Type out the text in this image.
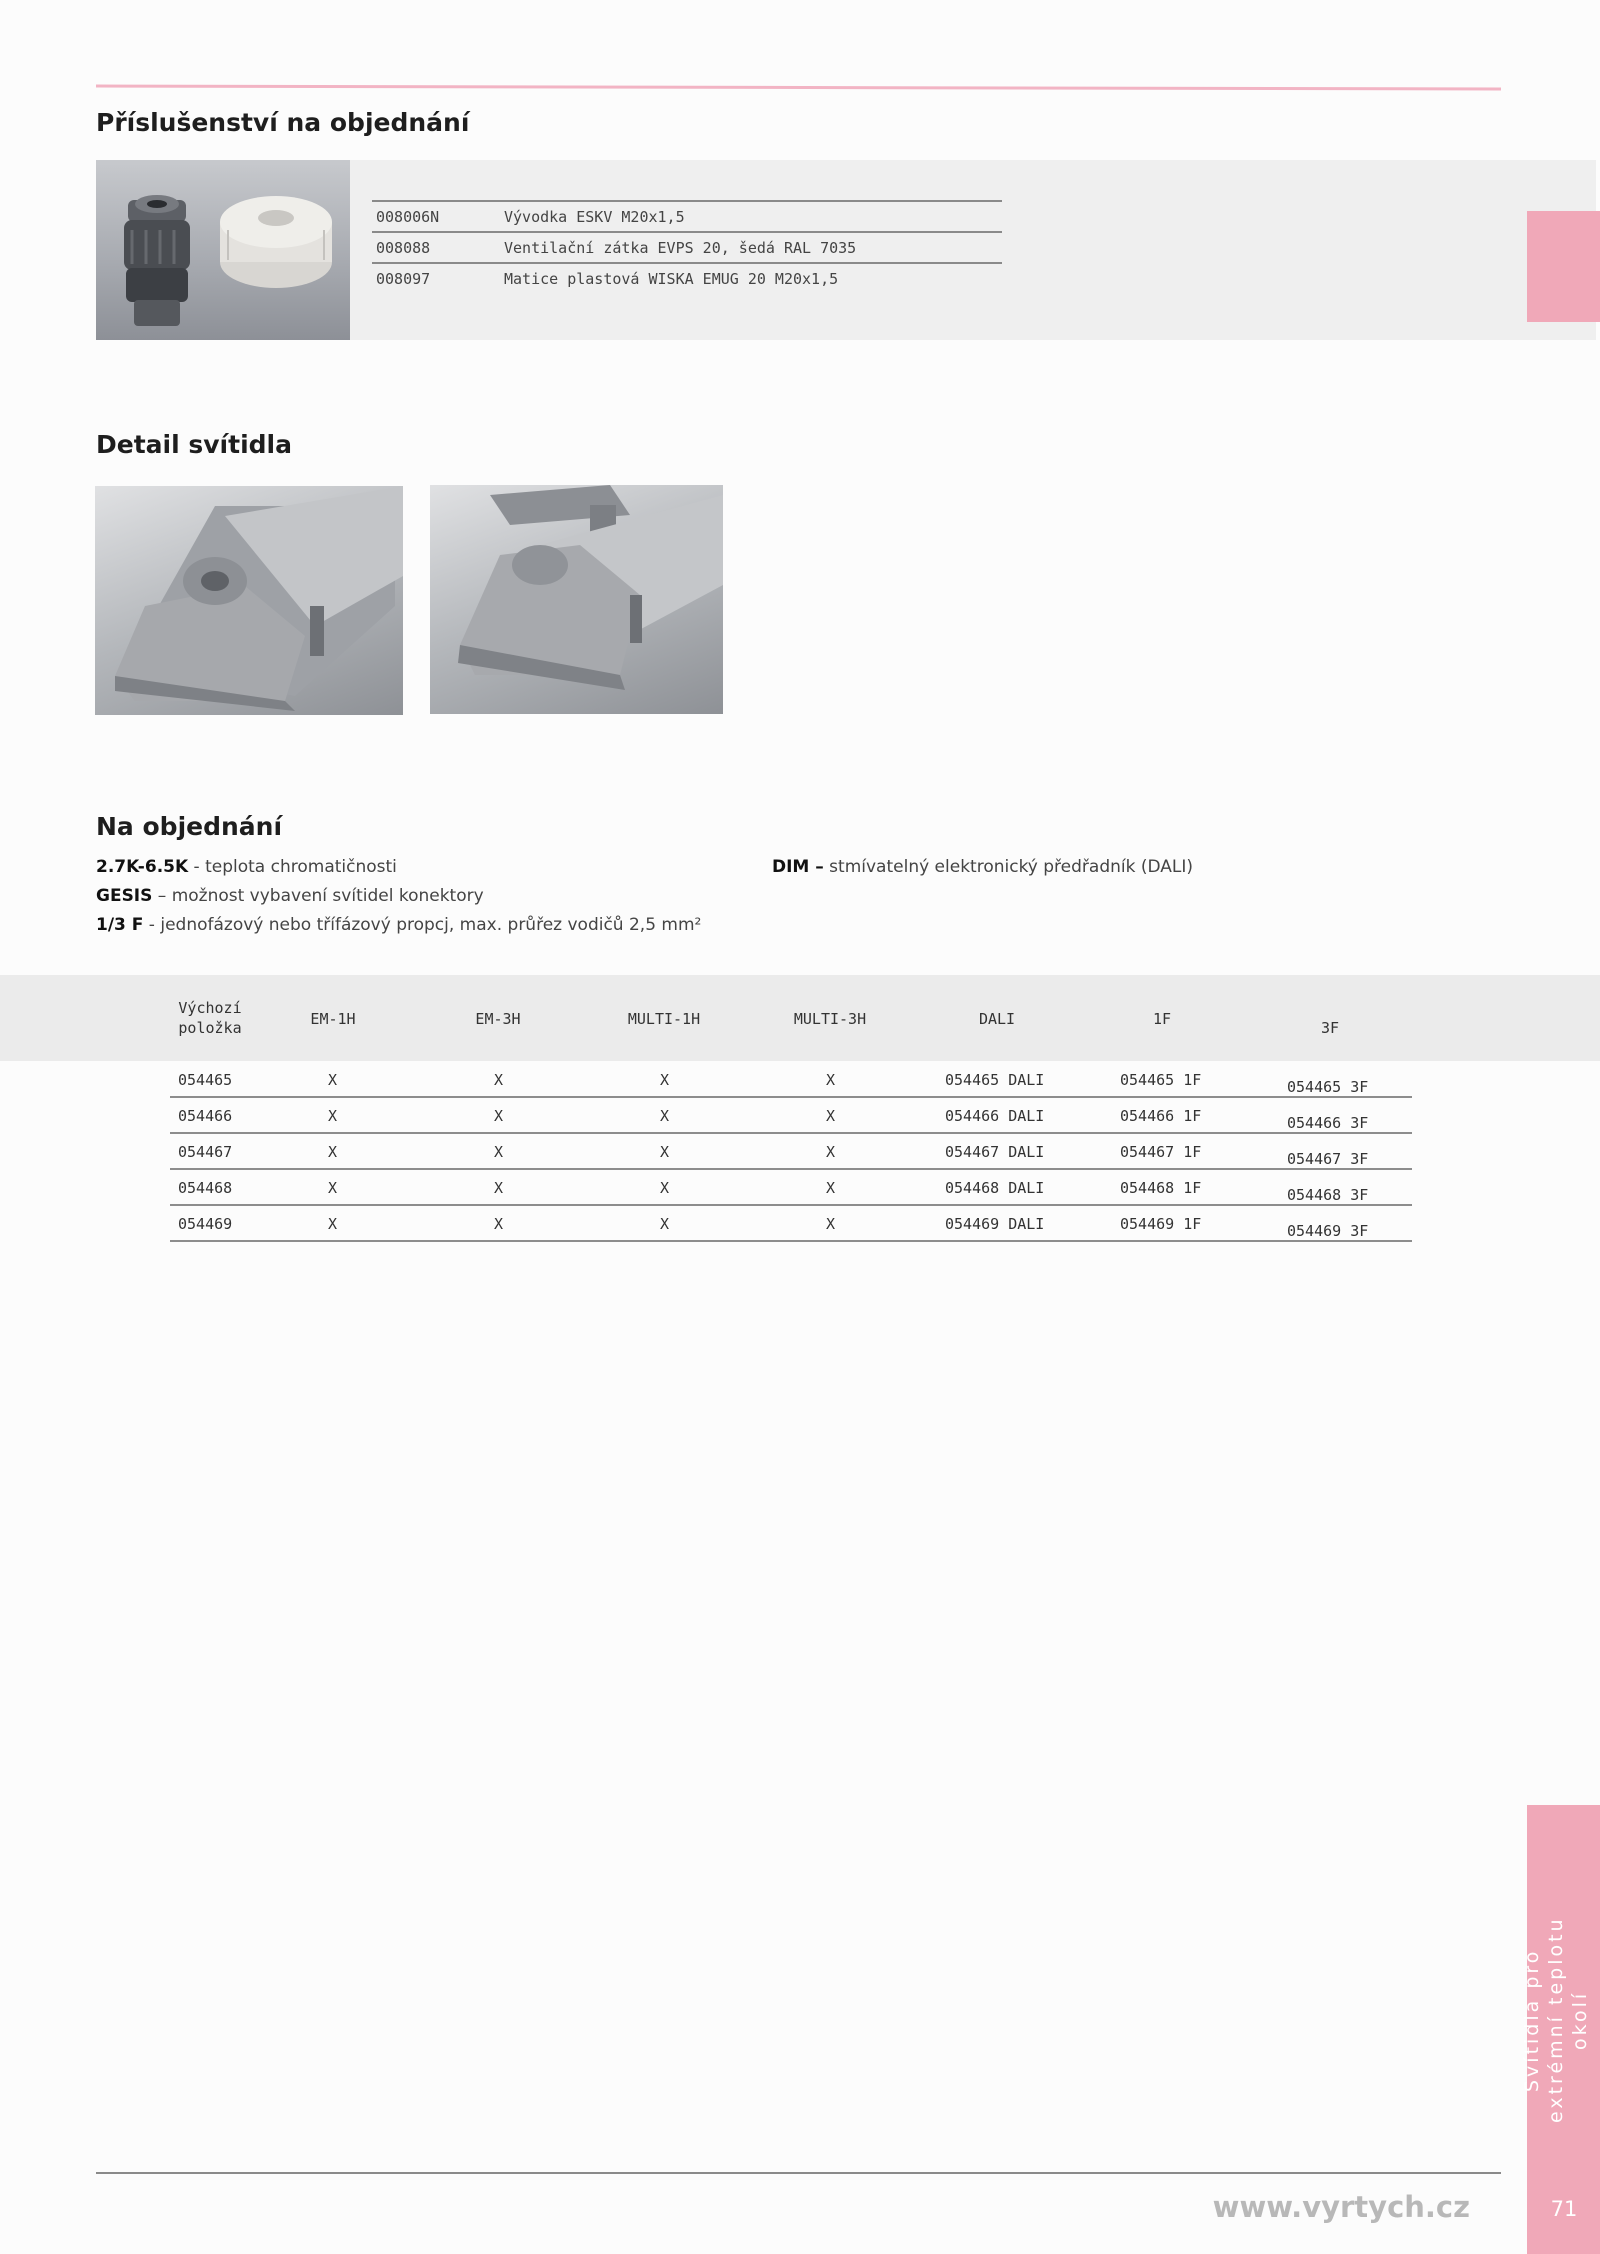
Příslušenství na objednání
008006N	Vývodka ESKV M20x1,5
008088	Ventilační zátka EVPS 20, šedá RAL 7035
008097	Matice plastová WISKA EMUG 20 M20x1,5
Detail svítidla
Na objednání
2.7K-6.5K - teplota chromatičnosti
GESIS – možnost vybavení svítidel konektory
1/3 F - jednofázový nebo třífázový propcj, max. průřez vodičů 2,5 mm²
DIM – stmívatelný elektronický předřadník (DALI)
Výchozí položka	EM-1H	EM-3H	MULTI-1H	MULTI-3H	DALI	1F	3F
054465	X	X	X	X	054465 DALI	054465 1F	054465 3F
054466	X	X	X	X	054466 DALI	054466 1F	054466 3F
054467	X	X	X	X	054467 DALI	054467 1F	054467 3F
054468	X	X	X	X	054468 DALI	054468 1F	054468 3F
054469	X	X	X	X	054469 DALI	054469 1F	054469 3F
Svítidla pro extrémní teplotu okolí
www.vyrtych.cz	71
